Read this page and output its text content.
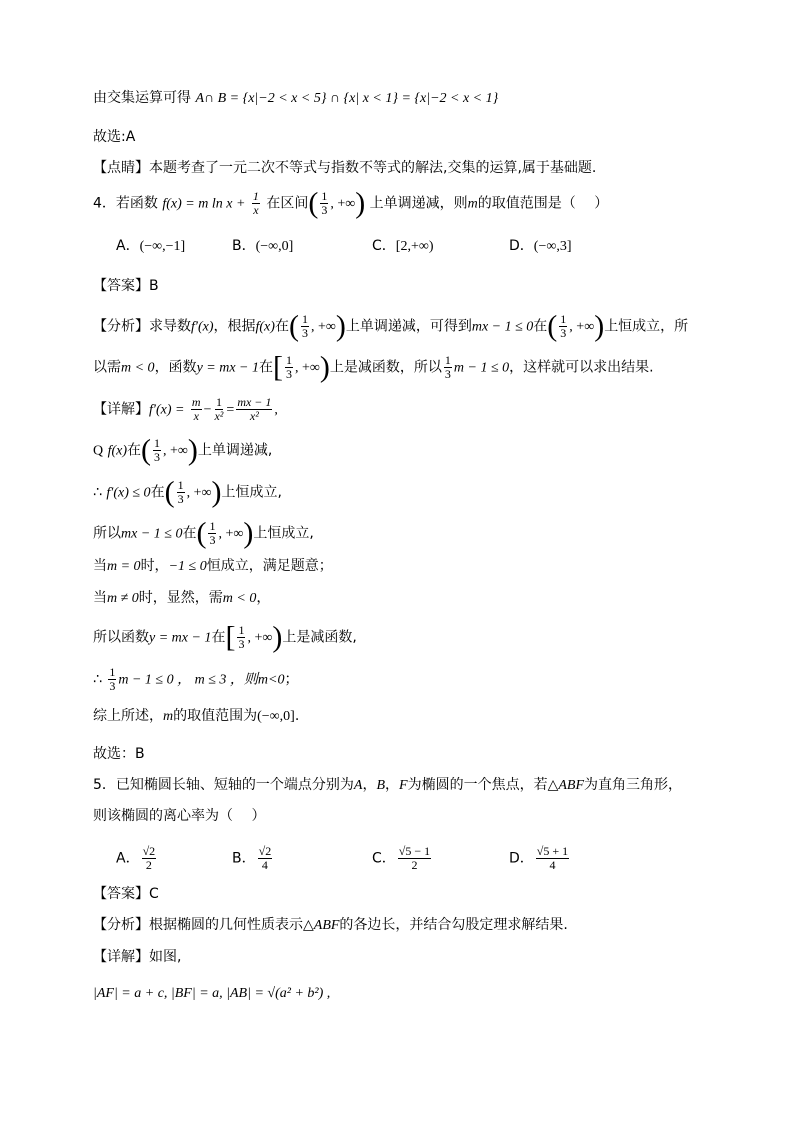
由交集运算可得 A∩ B = {x|−2 < x < 5} ∩ {x| x < 1} = {x|−2 < x < 1}
故选:A
【点睛】本题考查了一元二次不等式与指数不等式的解法,交集的运算,属于基础题.
4．若函数 f(x) = m $\ln x + \frac{1}{x}$ 在区间( $\frac{1}{3}$ , +∞) 上单调递减，则m的取值范围是（　 ）
A．(−∞,−1]	B．(−∞,0]	C．[2,+∞)	D．(−∞,3]
【答案】B
【分析】求导数f′(x)，根据f(x)在( $\frac{1}{3}$ , +∞)上单调递减，可得到mx − 1 ≤ 0在( $\frac{1}{3}$ , +∞)上恒成立，所
以需m < 0，函数y = mx − 1在[ $\frac{1}{3}$ , +∞)上是减函数，所以 $\frac{1}{3}$ m − 1 ≤ 0，这样就可以求出结果.
【详解】$f'(x) = \frac{m}{x} - \frac{1}{\text{x²}} = \frac{mx - 1}{\text{x²}}$ ,
Q f(x)在( $\frac{1}{3}$ , +∞)上单调递减,
∴ f′(x) ≤ 0在( $\frac{1}{3}$ , +∞)上恒成立,
所以mx − 1 ≤ 0在( $\frac{1}{3}$ , +∞)上恒成立,
当m = 0时，−1 ≤ 0恒成立，满足题意；
当m ≠ 0时，显然，需m < 0，
所以函数y = mx − 1在[ $\frac{1}{3}$ , +∞)上是减函数,
∴ $\frac{1}{3}$ m − 1 ≤ 0 ， m ≤ 3 ，则m<0；
综上所述，m的取值范围为(−∞,0].
故选：B
5．已知椭圆长轴、短轴的一个端点分别为A，B，F为椭圆的一个焦点，若△ABF为直角三角形，
则该椭圆的离心率为（　 ）
A． $\frac{√2}{2}$	B． $\frac{√2}{4}$	C． $\frac{√5 - 1}{2}$	D． $\frac{√5 + 1}{4}$
【答案】C
【分析】根据椭圆的几何性质表示△ABF的各边长，并结合勾股定理求解结果.
【详解】如图,
|AF| = a + c, |BF| = a, |AB| = √(a² + b²) ,
